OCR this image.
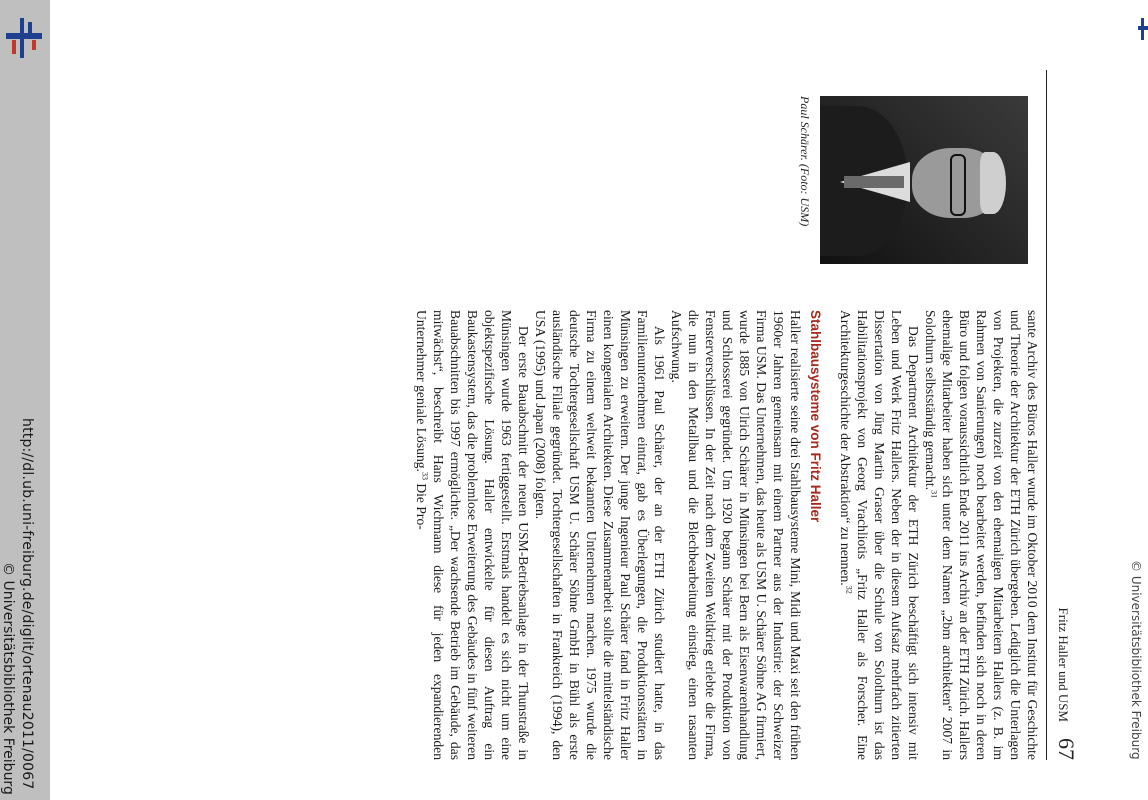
http://dl.ub.uni-freiburg.de/diglit/ortenau2011/0067
© Universitätsbibliothek Freiburg	© Universitätsbibliothek Freiburg
Fritz Haller und USM
67
Paul Schärer. (Foto: USM)

sante Archiv des Büros Haller wurde im Oktober 2010 dem Institut für Geschichte und Theorie der Architektur der ETH Zürich übergeben. Lediglich die Unterlagen von Projekten, die zurzeit von den ehemaligen Mitarbeitern Hallers (z. B. im Rahmen von Sanierungen) noch bearbeitet werden, befinden sich noch in deren Büro und folgen voraussichtlich Ende 2011 ins Archiv an der ETH Zürich. Hallers ehemalige Mitarbeiter haben sich unter dem Namen „2bm architekten“ 2007 in Solothurn selbstständig gemacht.$^{31}$

Das Department Architektur der ETH Zürich beschäftigt sich intensiv mit Leben und Werk Fritz Hallers. Neben der in diesem Aufsatz mehrfach zitierten Dissertation von Jürg Martin Graser über die Schule von Solothurn ist das Habilitationsprojekt von Georg Vrachliotis „Fritz Haller als Forscher. Eine Architekturgeschichte der Abstraktion“ zu nennen.$^{32}$

Stahlbausysteme von Fritz Haller

Haller realisierte seine drei Stahlbausysteme Mini, Midi und Maxi seit den frühen 1960er Jahren gemeinsam mit einem Partner aus der Industrie: der Schweizer Firma USM. Das Unternehmen, das heute als USM U. Schärer Söhne AG firmiert, wurde 1885 von Ulrich Schärer in Münsingen bei Bern als Eisenwarenhandlung und Schlosserei gegründet. Um 1920 begann Schärer mit der Produktion von Fensterverschlüssen. In der Zeit nach dem Zweiten Weltkrieg erlebte die Firma, die nun in den Metallbau und die Blechbearbeitung einstieg, einen rasanten Aufschwung.

Als 1961 Paul Schärer, der an der ETH Zürich studiert hatte, in das Familienunternehmen eintrat, gab es Überlegungen, die Produktionsstätten in Münsingen zu erweitern. Der junge Ingenieur Paul Schärer fand in Fritz Haller einen kongenialen Architekten. Diese Zusammenarbeit sollte die mittelständische Firma zu einem weltweit bekannten Unternehmen machen. 1975 wurde die deutsche Tochtergesellschaft USM U. Schärer Söhne GmbH in Bühl als erste ausländische Filiale gegründet. Tochtergesellschaften in Frankreich (1994), den USA (1995) und Japan (2008) folgten.

Der erste Bauabschnitt der neuen USM-Betriebsanlage in der Thunstraße in Münsingen wurde 1963 fertiggestellt. Erstmals handelt es sich nicht um eine objektspezifische Lösung. Haller entwickelte für diesen Auftrag ein Baukastensystem, das die problemlose Erweiterung des Gebäudes in fünf weiteren Bauabschnitten bis 1997 ermöglichte. „Der wachsende Betrieb im Gebäude, das mitwächst“, beschreibt Hans Wichmann diese für jeden expandierenden Unternehmer geniale Lösung.$^{33}$ Die Pro-
